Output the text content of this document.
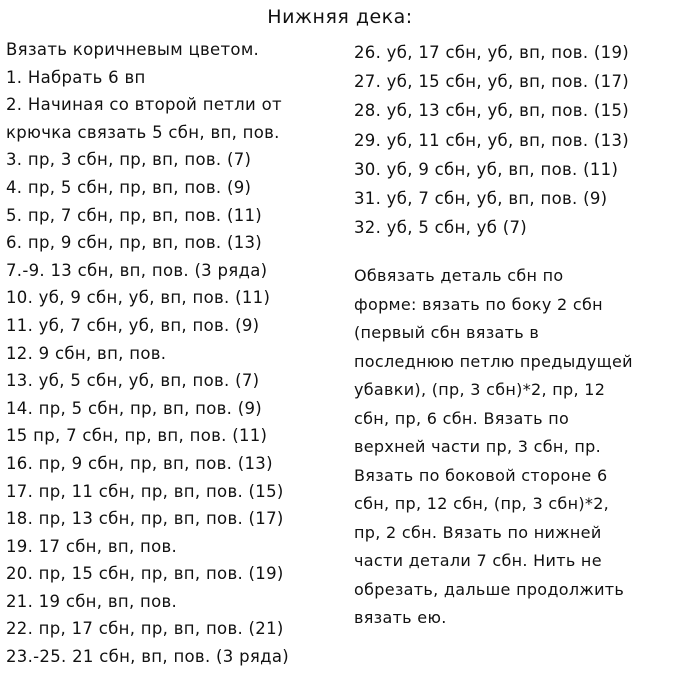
Нижняя дека:
Вязать коричневым цветом.
1. Набрать 6 вп
2. Начиная со второй петли от
крючка связать 5 сбн, вп, пов.
3. пр, 3 сбн, пр, вп, пов. (7)
4. пр, 5 сбн, пр, вп, пов. (9)
5. пр, 7 сбн, пр, вп, пов. (11)
6. пр, 9 сбн, пр, вп, пов. (13)
7.-9. 13 сбн, вп, пов. (3 ряда)
10. уб, 9 сбн, уб, вп, пов. (11)
11. уб, 7 сбн, уб, вп, пов. (9)
12. 9 сбн, вп, пов.
13. уб, 5 сбн, уб, вп, пов. (7)
14. пр, 5 сбн, пр, вп, пов. (9)
15 пр, 7 сбн, пр, вп, пов. (11)
16. пр, 9 сбн, пр, вп, пов. (13)
17. пр, 11 сбн, пр, вп, пов. (15)
18. пр, 13 сбн, пр, вп, пов. (17)
19. 17 сбн, вп, пов.
20. пр, 15 сбн, пр, вп, пов. (19)
21. 19 сбн, вп, пов.
22. пр, 17 сбн, пр, вп, пов. (21)
23.-25. 21 сбн, вп, пов. (3 ряда)
26. уб, 17 сбн, уб, вп, пов. (19)
27. уб, 15 сбн, уб, вп, пов. (17)
28. уб, 13 сбн, уб, вп, пов. (15)
29. уб, 11 сбн, уб, вп, пов. (13)
30. уб, 9 сбн, уб, вп, пов. (11)
31. уб, 7 сбн, уб, вп, пов. (9)
32. уб, 5 сбн, уб (7)
Обвязать деталь сбн по
форме: вязать по боку 2 сбн
(первый сбн вязать в
последнюю петлю предыдущей
убавки), (пр, 3 сбн)*2, пр, 12
сбн, пр, 6 сбн. Вязать по
верхней части пр, 3 сбн, пр.
Вязать по боковой стороне 6
сбн, пр, 12 сбн, (пр, 3 сбн)*2,
пр, 2 сбн. Вязать по нижней
части детали 7 сбн. Нить не
обрезать, дальше продолжить
вязать ею.
